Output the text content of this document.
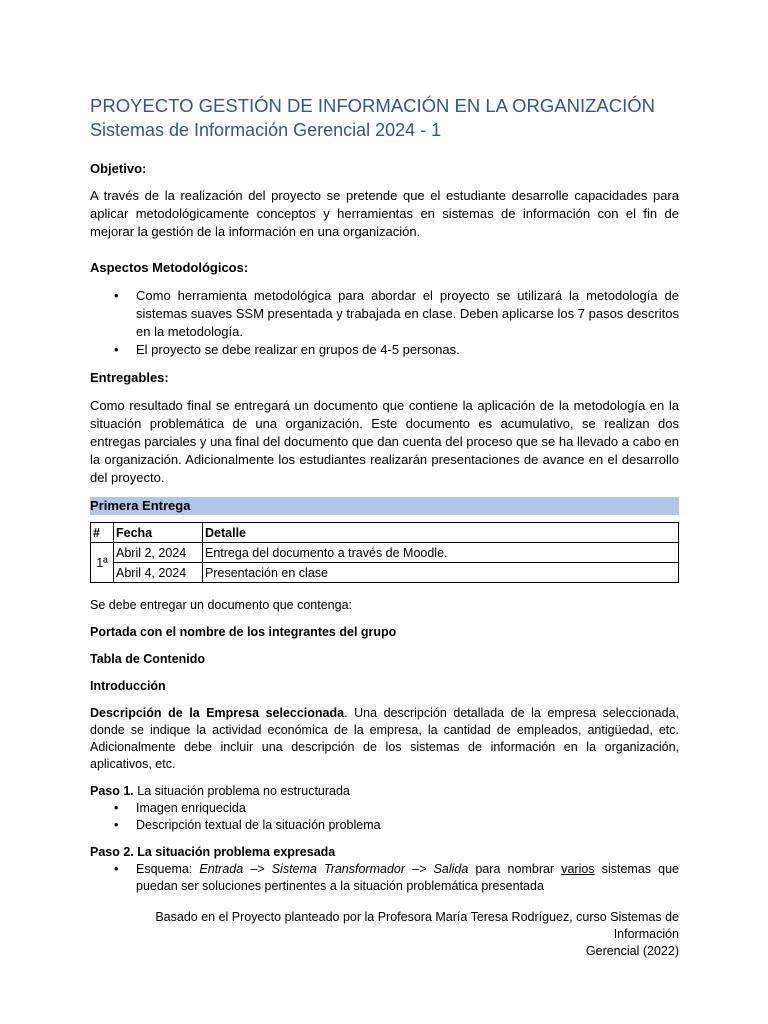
PROYECTO GESTIÓN DE INFORMACIÓN EN LA ORGANIZACIÓN
Sistemas de Información Gerencial 2024 - 1
Objetivo:
A través de la realización del proyecto se pretende que el estudiante desarrolle capacidades para aplicar metodológicamente conceptos y herramientas en sistemas de información con el fin de mejorar la gestión de la información en una organización.
Aspectos Metodológicos:
• Como herramienta metodológica para abordar el proyecto se utilizará la metodología de sistemas suaves SSM presentada y trabajada en clase. Deben aplicarse los 7 pasos descritos en la metodología.
• El proyecto se debe realizar en grupos de 4-5 personas.
Entregables:
Como resultado final se entregará un documento que contiene la aplicación de la metodología en la situación problemática de una organización. Este documento es acumulativo, se realizan dos entregas parciales y una final del documento que dan cuenta del proceso que se ha llevado a cabo en la organización. Adicionalmente los estudiantes realizarán presentaciones de avance en el desarrollo del proyecto.
Primera Entrega
#	Fecha	Detalle
1ª	Abril 2, 2024	Entrega del documento a través de Moodle.
	Abril 4, 2024	Presentación en clase
Se debe entregar un documento que contenga:
Portada con el nombre de los integrantes del grupo
Tabla de Contenido
Introducción
Descripción de la Empresa seleccionada. Una descripción detallada de la empresa seleccionada, donde se indique la actividad económica de la empresa, la cantidad de empleados, antigüedad, etc. Adicionalmente debe incluir una descripción de los sistemas de información en la organización, aplicativos, etc.
Paso 1. La situación problema no estructurada
• Imagen enriquecida
• Descripción textual de la situación problema
Paso 2. La situación problema expresada
• Esquema: Entrada –> Sistema Transformador –> Salida para nombrar varios sistemas que puedan ser soluciones pertinentes a la situación problemática presentada
Basado en el Proyecto planteado por la Profesora María Teresa Rodríguez, curso Sistemas de Información
Gerencial (2022)
